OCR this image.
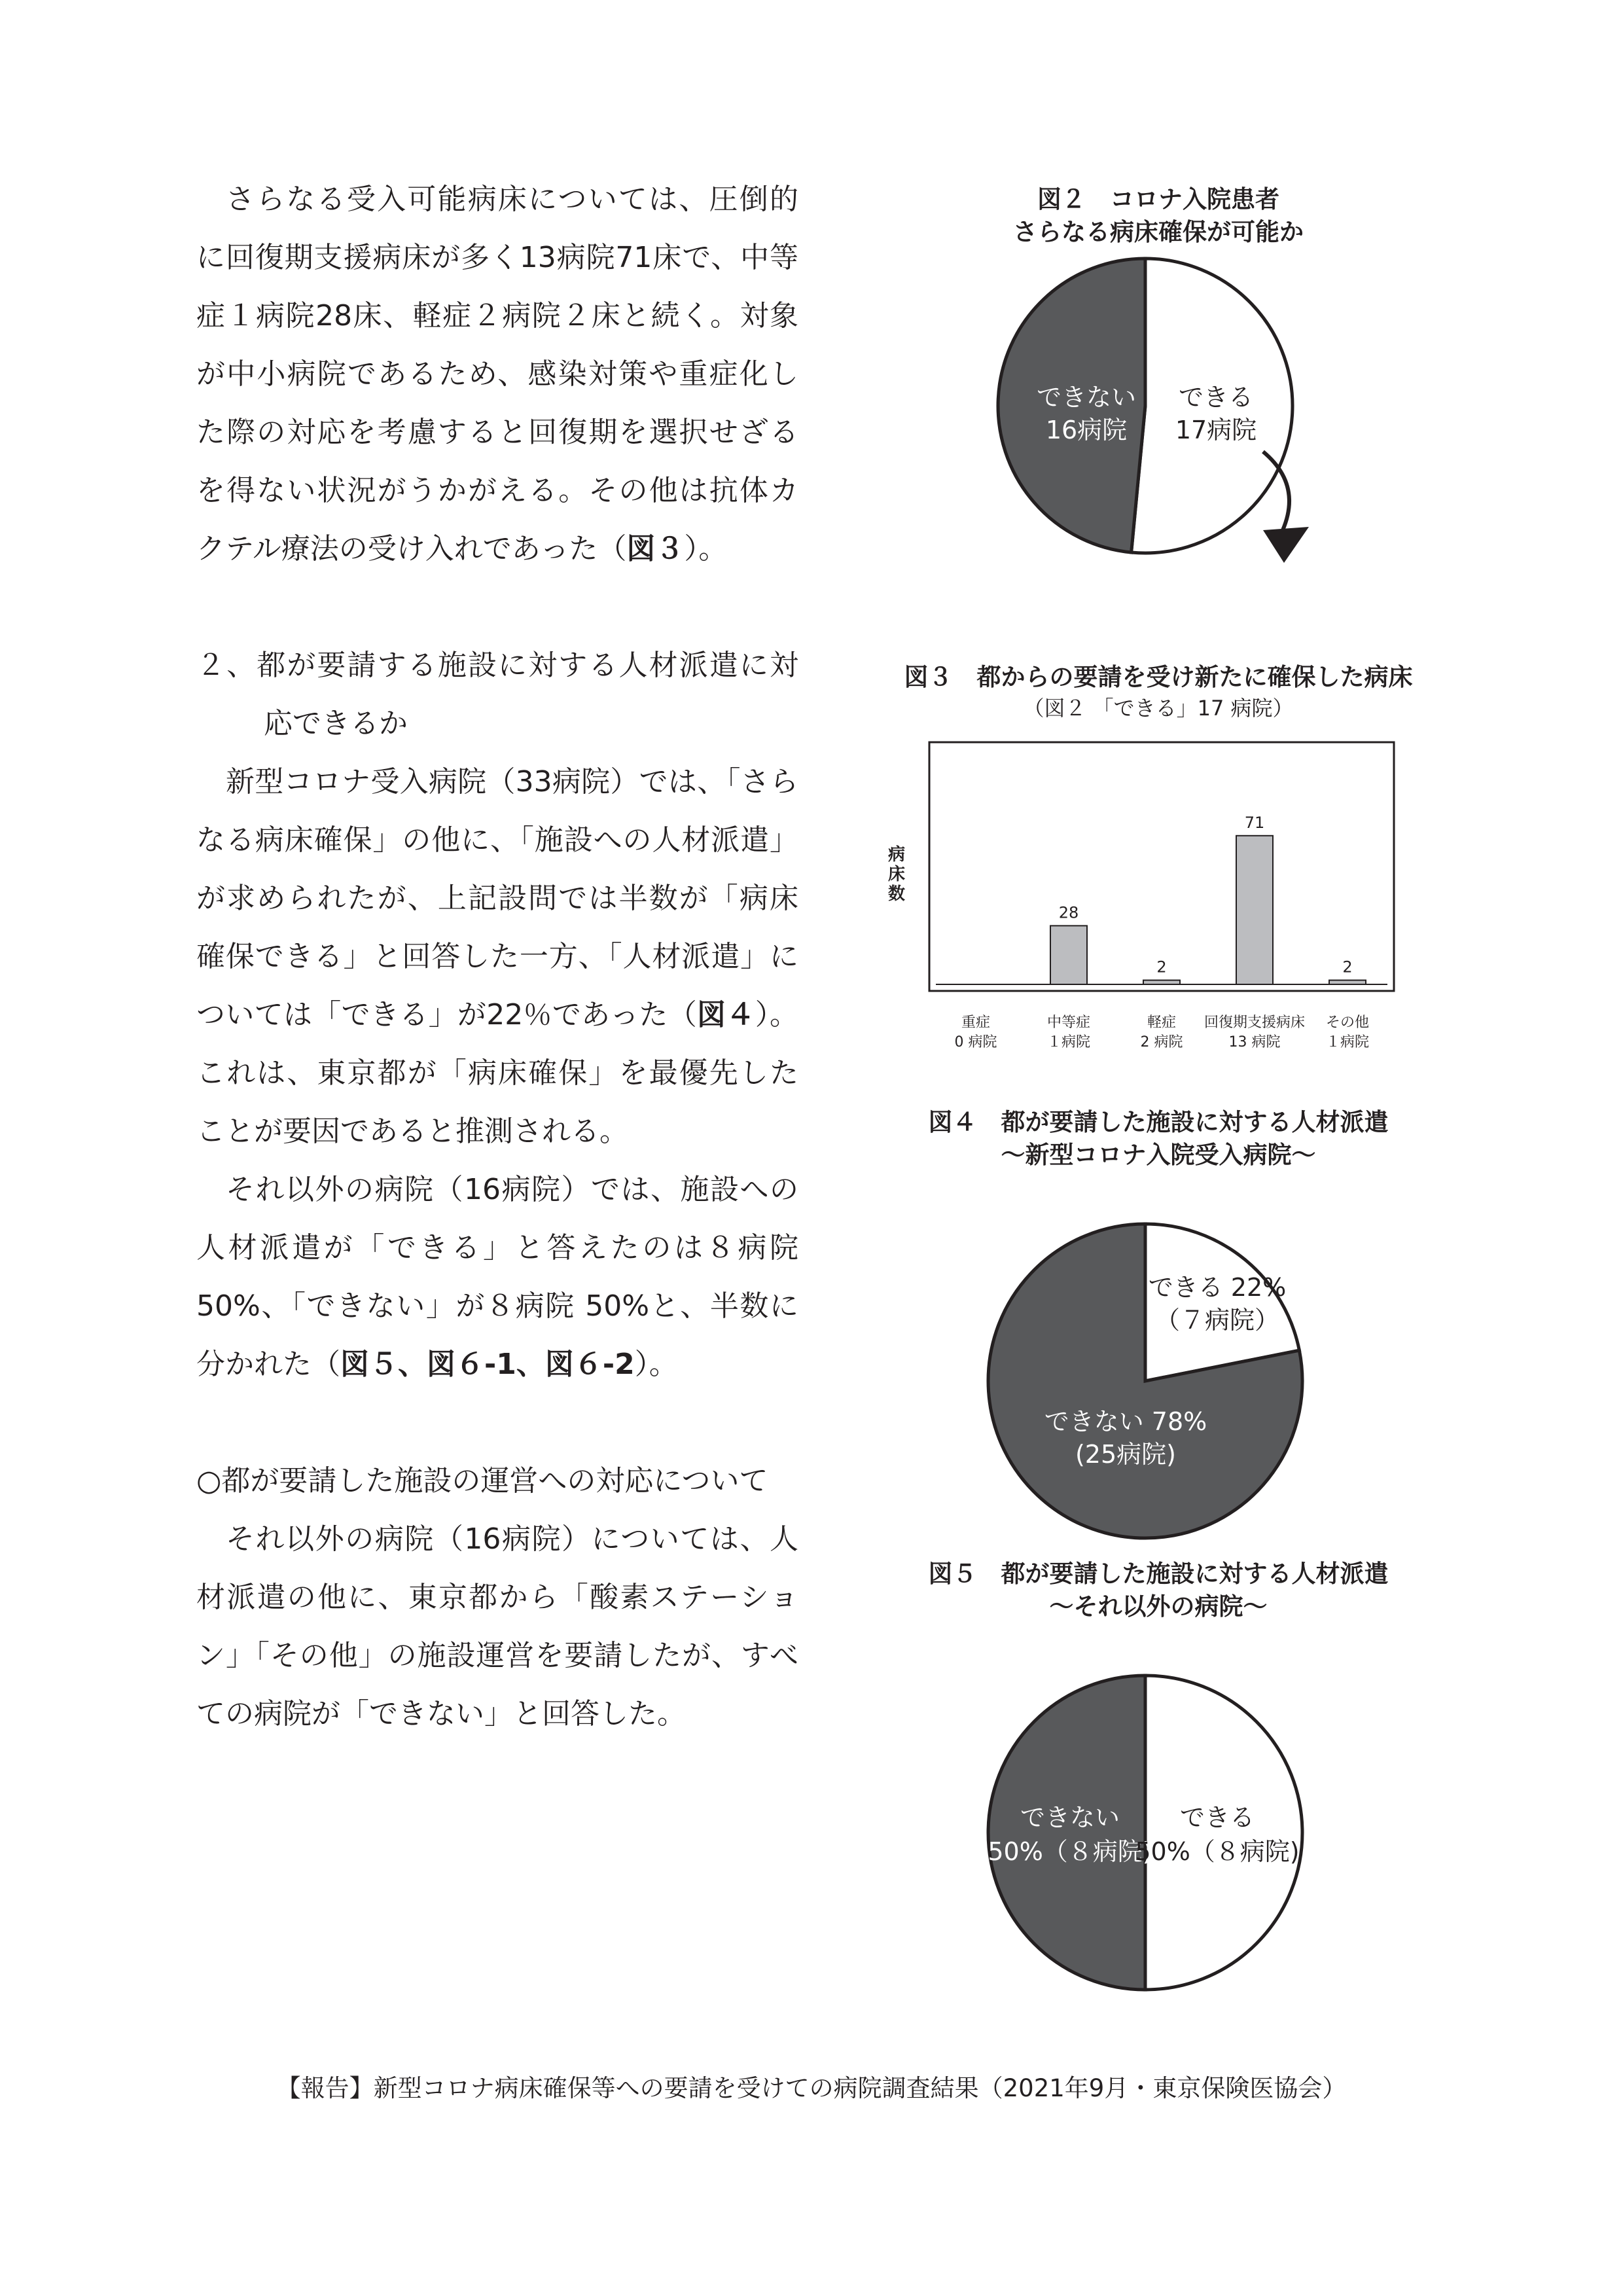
さらなる受入可能病床については、圧倒的に回復期支援病床が多く13病院71床で、中等症１病院28床、軽症２病院２床と続く。対象が中小病院であるため、感染対策や重症化した際の対応を考慮すると回復期を選択せざるを得ない状況がうかがえる。その他は抗体カクテル療法の受け入れであった（図３）。

２、都が要請する施設に対する人材派遣に対応できるか

新型コロナ受入病院（33病院）では、「さらなる病床確保」の他に、「施設への人材派遣」が求められたが、上記設問では半数が「病床確保できる」と回答した一方、「人材派遣」については「できる」が22％であった（図４）。これは、東京都が「病床確保」を最優先したことが要因であると推測される。

それ以外の病院（16病院）では、施設への人材派遣が「できる」と答えたのは８病院 50%、「できない」が８病院 50%と、半数に分かれた（図５、図６-1、図６-2）。

○都が要請した施設の運営への対応について

それ以外の病院（16病院）については、人材派遣の他に、東京都から「酸素ステーション」「その他」の施設運営を要請したが、すべての病院が「できない」と回答した。

図２　コロナ入院患者
さらなる病床確保が可能か
できない
16病院
できる
17病院
図３　都からの要請を受け新たに確保した病床
（図２ 「できる」17 病院）
病
床
数
重症
0 病院
28
中等症
１病院
2
軽症
2 病院
71
回復期支援病床
13 病院
2
その他
１病院
図４　都が要請した施設に対する人材派遣
〜新型コロナ入院受入病院〜
できる 22%
（７病院）
できない 78%
(25病院)
図５　都が要請した施設に対する人材派遣
〜それ以外の病院〜
できない
50%（８病院)
できる
50%（８病院)
【報告】新型コロナ病床確保等への要請を受けての病院調査結果（2021年9月・東京保険医協会）
